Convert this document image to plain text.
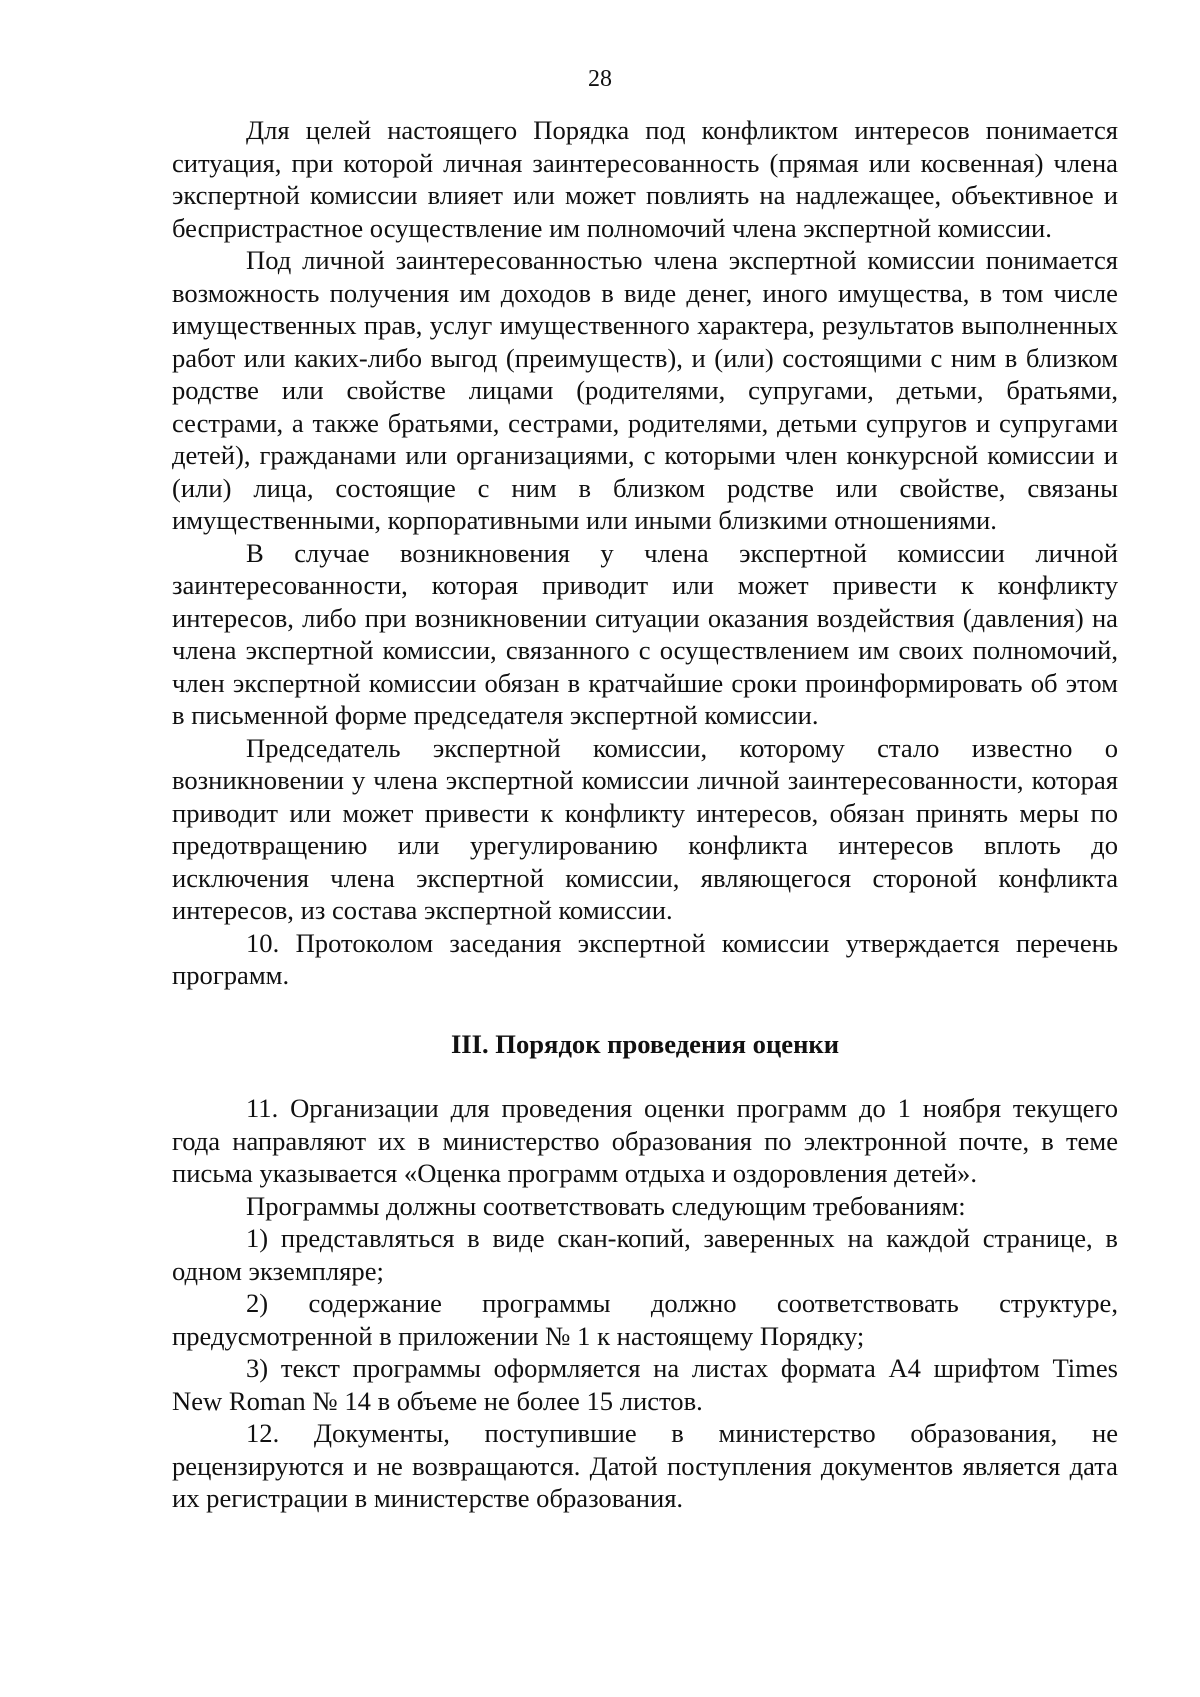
28

Для целей настоящего Порядка под конфликтом интересов понимается ситуация, при которой личная заинтересованность (прямая или косвенная) члена экспертной комиссии влияет или может повлиять на надлежащее, объективное и беспристрастное осуществление им полномочий члена экспертной комиссии.

Под личной заинтересованностью члена экспертной комиссии понимается возможность получения им доходов в виде денег, иного имущества, в том числе имущественных прав, услуг имущественного характера, результатов выполненных работ или каких-либо выгод (преимуществ), и (или) состоящими с ним в близком родстве или свойстве лицами (родителями, супругами, детьми, братьями, сестрами, а также братьями, сестрами, родителями, детьми супругов и супругами детей), гражданами или организациями, с которыми член конкурсной комиссии и (или) лица, состоящие с ним в близком родстве или свойстве, связаны имущественными, корпоративными или иными близкими отношениями.

В случае возникновения у члена экспертной комиссии личной заинтересованности, которая приводит или может привести к конфликту интересов, либо при возникновении ситуации оказания воздействия (давления) на члена экспертной комиссии, связанного с осуществлением им своих полномочий, член экспертной комиссии обязан в кратчайшие сроки проинформировать об этом в письменной форме председателя экспертной комиссии.

Председатель экспертной комиссии, которому стало известно о возникновении у члена экспертной комиссии личной заинтересованности, которая приводит или может привести к конфликту интересов, обязан принять меры по предотвращению или урегулированию конфликта интересов вплоть до исключения члена экспертной комиссии, являющегося стороной конфликта интересов, из состава экспертной комиссии.

10. Протоколом заседания экспертной комиссии утверждается перечень программ.

III. Порядок проведения оценки

11. Организации для проведения оценки программ до 1 ноября текущего года направляют их в министерство образования по электронной почте, в теме письма указывается «Оценка программ отдыха и оздоровления детей».

Программы должны соответствовать следующим требованиям:

1) представляться в виде скан-копий, заверенных на каждой странице, в одном экземпляре;

2) содержание программы должно соответствовать структуре, предусмотренной в приложении № 1 к настоящему Порядку;

3) текст программы оформляется на листах формата А4 шрифтом Times New Roman № 14 в объеме не более 15 листов.

12. Документы, поступившие в министерство образования, не рецензируются и не возвращаются. Датой поступления документов является дата их регистрации в министерстве образования.
